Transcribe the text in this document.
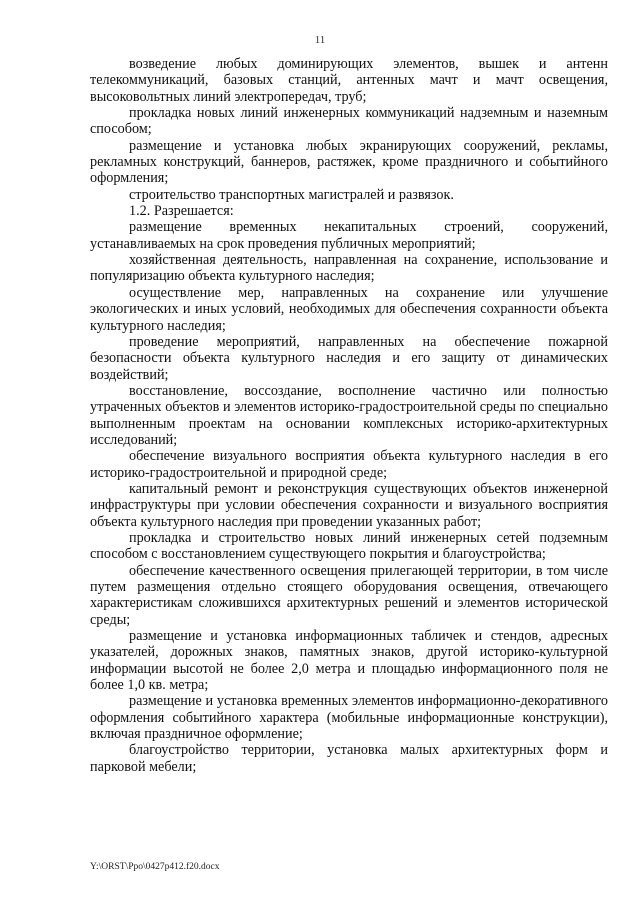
11

возведение любых доминирующих элементов, вышек и антенн телекоммуникаций, базовых станций, антенных мачт и мачт освещения, высоковольтных линий электропередач, труб;

прокладка новых линий инженерных коммуникаций надземным и наземным способом;

размещение и установка любых экранирующих сооружений, рекламы, рекламных конструкций, баннеров, растяжек, кроме праздничного и событийного оформления;

строительство транспортных магистралей и развязок.

1.2. Разрешается:

размещение временных некапитальных строений, сооружений, устанавливаемых на срок проведения публичных мероприятий;

хозяйственная деятельность, направленная на сохранение, использование и популяризацию объекта культурного наследия;

осуществление мер, направленных на сохранение или улучшение экологических и иных условий, необходимых для обеспечения сохранности объекта культурного наследия;

проведение мероприятий, направленных на обеспечение пожарной безопасности объекта культурного наследия и его защиту от динамических воздействий;

восстановление, воссоздание, восполнение частично или полностью утраченных объектов и элементов историко-градостроительной среды по специально выполненным проектам на основании комплексных историко-архитектурных исследований;

обеспечение визуального восприятия объекта культурного наследия в его историко-градостроительной и природной среде;

капитальный ремонт и реконструкция существующих объектов инженерной инфраструктуры при условии обеспечения сохранности и визуального восприятия объекта культурного наследия при проведении указанных работ;

прокладка и строительство новых линий инженерных сетей подземным способом с восстановлением существующего покрытия и благоустройства;

обеспечение качественного освещения прилегающей территории, в том числе путем размещения отдельно стоящего оборудования освещения, отвечающего характеристикам сложившихся архитектурных решений и элементов исторической среды;

размещение и установка информационных табличек и стендов, адресных указателей, дорожных знаков, памятных знаков, другой историко-культурной информации высотой не более 2,0 метра и площадью информационного поля не более 1,0 кв. метра;

размещение и установка временных элементов информационно-декоративного оформления событийного характера (мобильные информационные конструкции), включая праздничное оформление;

благоустройство территории, установка малых архитектурных форм и парковой мебели;

Y:\ORST\Ppo\0427p412.f20.docx
